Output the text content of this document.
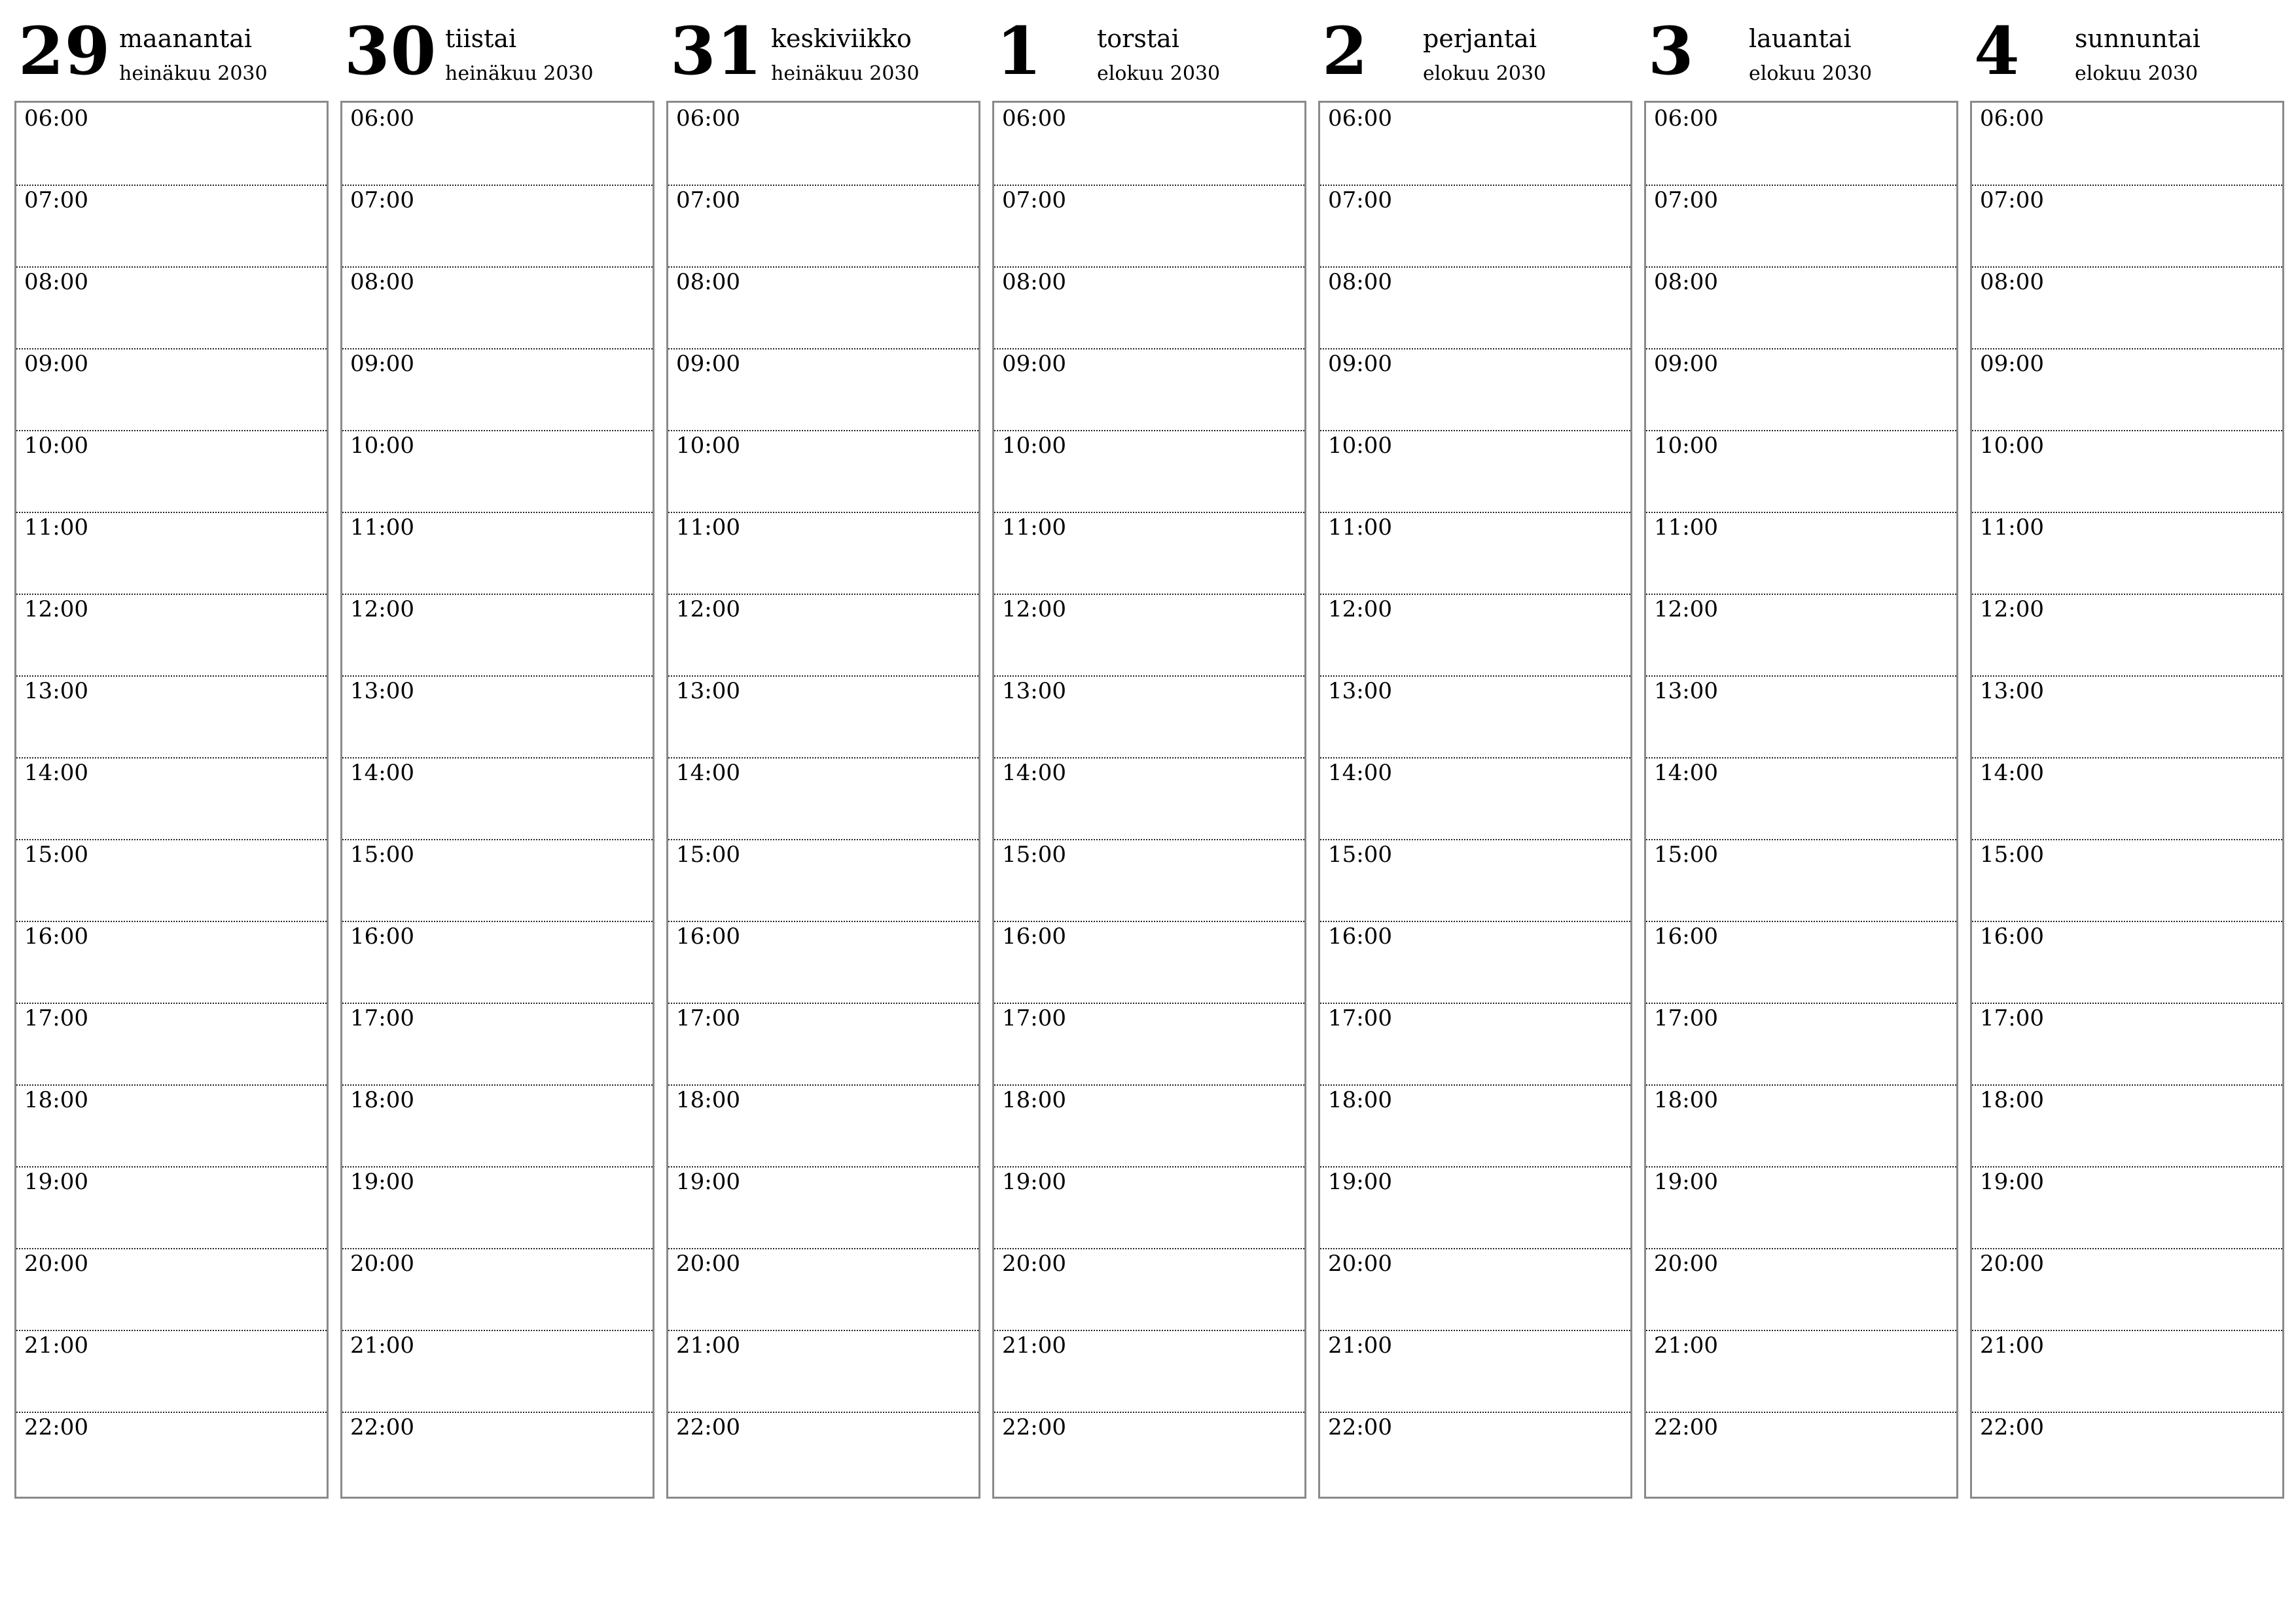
29 maanantai
heinäkuu 2030
06:00
07:00
08:00
09:00
10:00
11:00
12:00
13:00
14:00
15:00
16:00
17:00
18:00
19:00
20:00
21:00
22:00
30 tiistai
heinäkuu 2030
06:00
07:00
08:00
09:00
10:00
11:00
12:00
13:00
14:00
15:00
16:00
17:00
18:00
19:00
20:00
21:00
22:00
31 keskiviikko
heinäkuu 2030
06:00
07:00
08:00
09:00
10:00
11:00
12:00
13:00
14:00
15:00
16:00
17:00
18:00
19:00
20:00
21:00
22:00
1 torstai
elokuu 2030
06:00
07:00
08:00
09:00
10:00
11:00
12:00
13:00
14:00
15:00
16:00
17:00
18:00
19:00
20:00
21:00
22:00
2 perjantai
elokuu 2030
06:00
07:00
08:00
09:00
10:00
11:00
12:00
13:00
14:00
15:00
16:00
17:00
18:00
19:00
20:00
21:00
22:00
3 lauantai
elokuu 2030
06:00
07:00
08:00
09:00
10:00
11:00
12:00
13:00
14:00
15:00
16:00
17:00
18:00
19:00
20:00
21:00
22:00
4 sunnuntai
elokuu 2030
06:00
07:00
08:00
09:00
10:00
11:00
12:00
13:00
14:00
15:00
16:00
17:00
18:00
19:00
20:00
21:00
22:00
